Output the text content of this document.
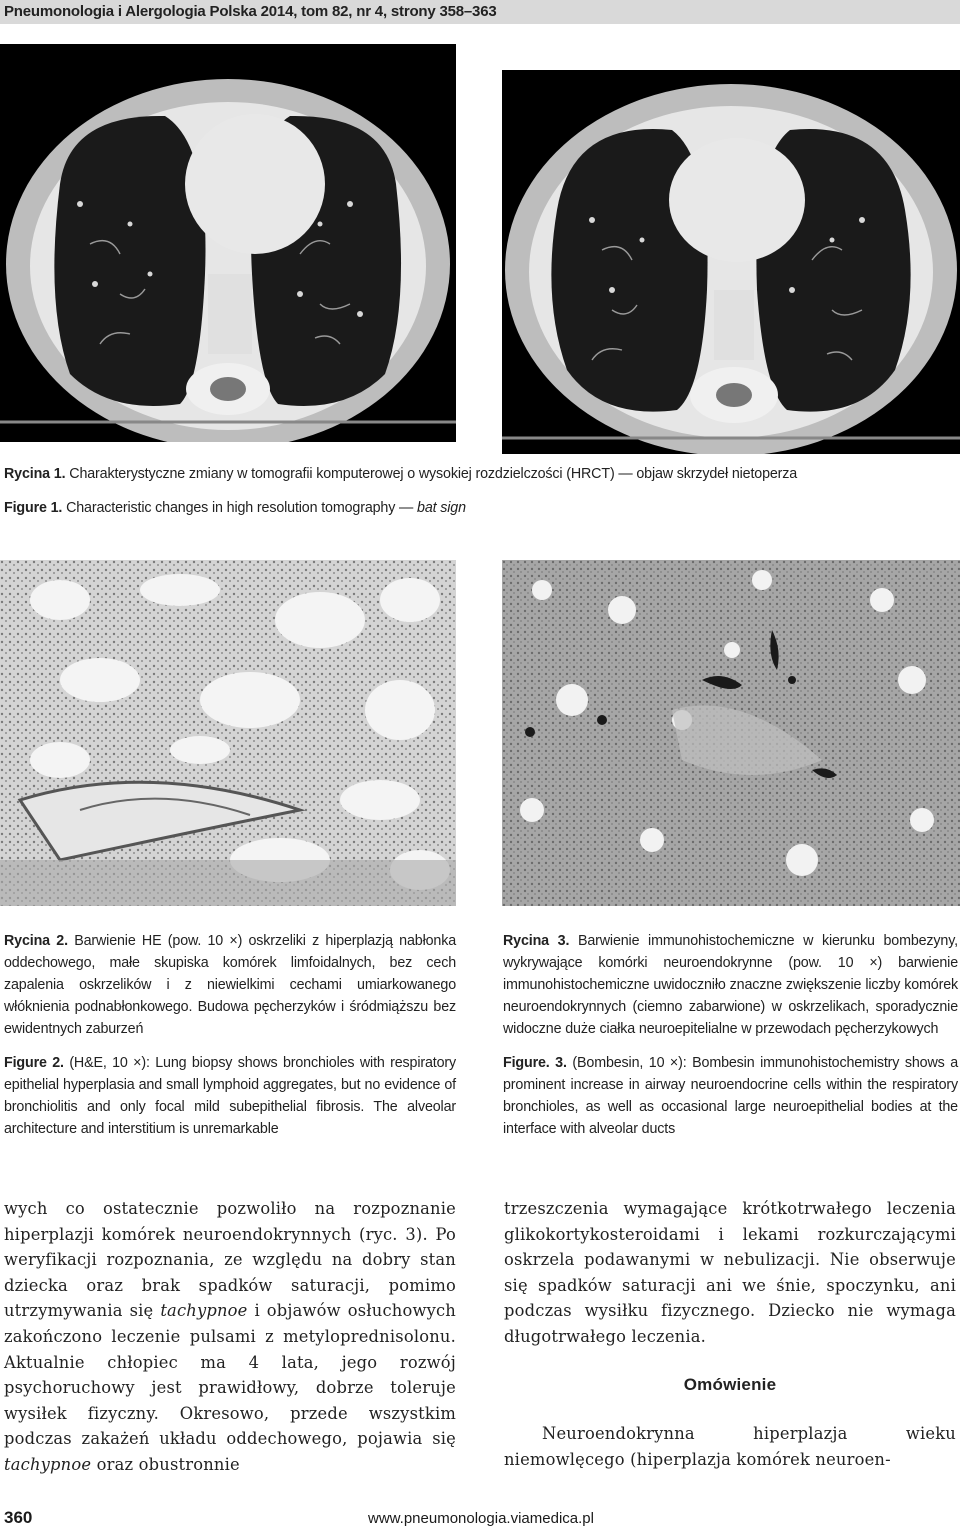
Pneumonologia i Alergologia Polska 2014, tom 82, nr 4, strony 358–363
Rycina 1. Charakterystyczne zmiany w tomografii komputerowej o wysokiej rozdzielczości (HRCT) — objaw skrzydeł nietoperza
Figure 1. Characteristic changes in high resolution tomography — bat sign

Rycina 2. Barwienie HE (pow. 10 ×) oskrzeliki z hiperplazją nabłonka oddechowego, małe skupiska komórek limfoidalnych, bez cech zapalenia oskrzelików i z niewielkimi cechami umiarkowanego włóknienia podnabłonkowego. Budowa pęcherzyków i śródmiąższu bez ewidentnych zaburzeń

Figure 2. (H&E, 10 ×): Lung biopsy shows bronchioles with respiratory epithelial hyperplasia and small lymphoid aggregates, but no evidence of bronchiolitis and only focal mild subepithelial fibrosis. The alveolar architecture and interstitium is unremarkable

Rycina 3. Barwienie immunohistochemiczne w kierunku bombezyny, wykrywające komórki neuroendokrynne (pow. 10 ×) barwienie immunohistochemiczne uwidoczniło znaczne zwiększenie liczby komórek neuroendokrynnych (ciemno zabarwione) w oskrzelikach, sporadycznie widoczne duże ciałka neuroepitelialne w przewodach pęcherzykowych

Figure. 3. (Bombesin, 10 ×): Bombesin immunohistochemistry shows a prominent increase in airway neuroendocrine cells within the respiratory bronchioles, as well as occasional large neuroepithelial bodies at the interface with alveolar ducts

wych co ostatecznie pozwoliło na rozpoznanie hiperplazji komórek neuroendokrynnych (ryc. 3). Po weryfikacji rozpoznania, ze względu na dobry stan dziecka oraz brak spadków saturacji, pomimo utrzymywania się tachypnoe i objawów osłuchowych zakończono leczenie pulsami z metyloprednisolonu. Aktualnie chłopiec ma 4 lata, jego rozwój psychoruchowy jest prawidłowy, dobrze toleruje wysiłek fizyczny. Okresowo, przede wszystkim podczas zakażeń układu oddechowego, pojawia się tachypnoe oraz obustronnie
trzeszczenia wymagające krótkotrwałego leczenia glikokortykosteroidami i lekami rozkurczającymi oskrzela podawanymi w nebulizacji. Nie obserwuje się spadków saturacji ani we śnie, spoczynku, ani podczas wysiłku fizycznego. Dziecko nie wymaga długotrwałego leczenia.
Omówienie
Neuroendokrynna hiperplazja wieku niemowlęcego (hiperplazja komórek neuroen-
360	www.pneumonologia.viamedica.pl
